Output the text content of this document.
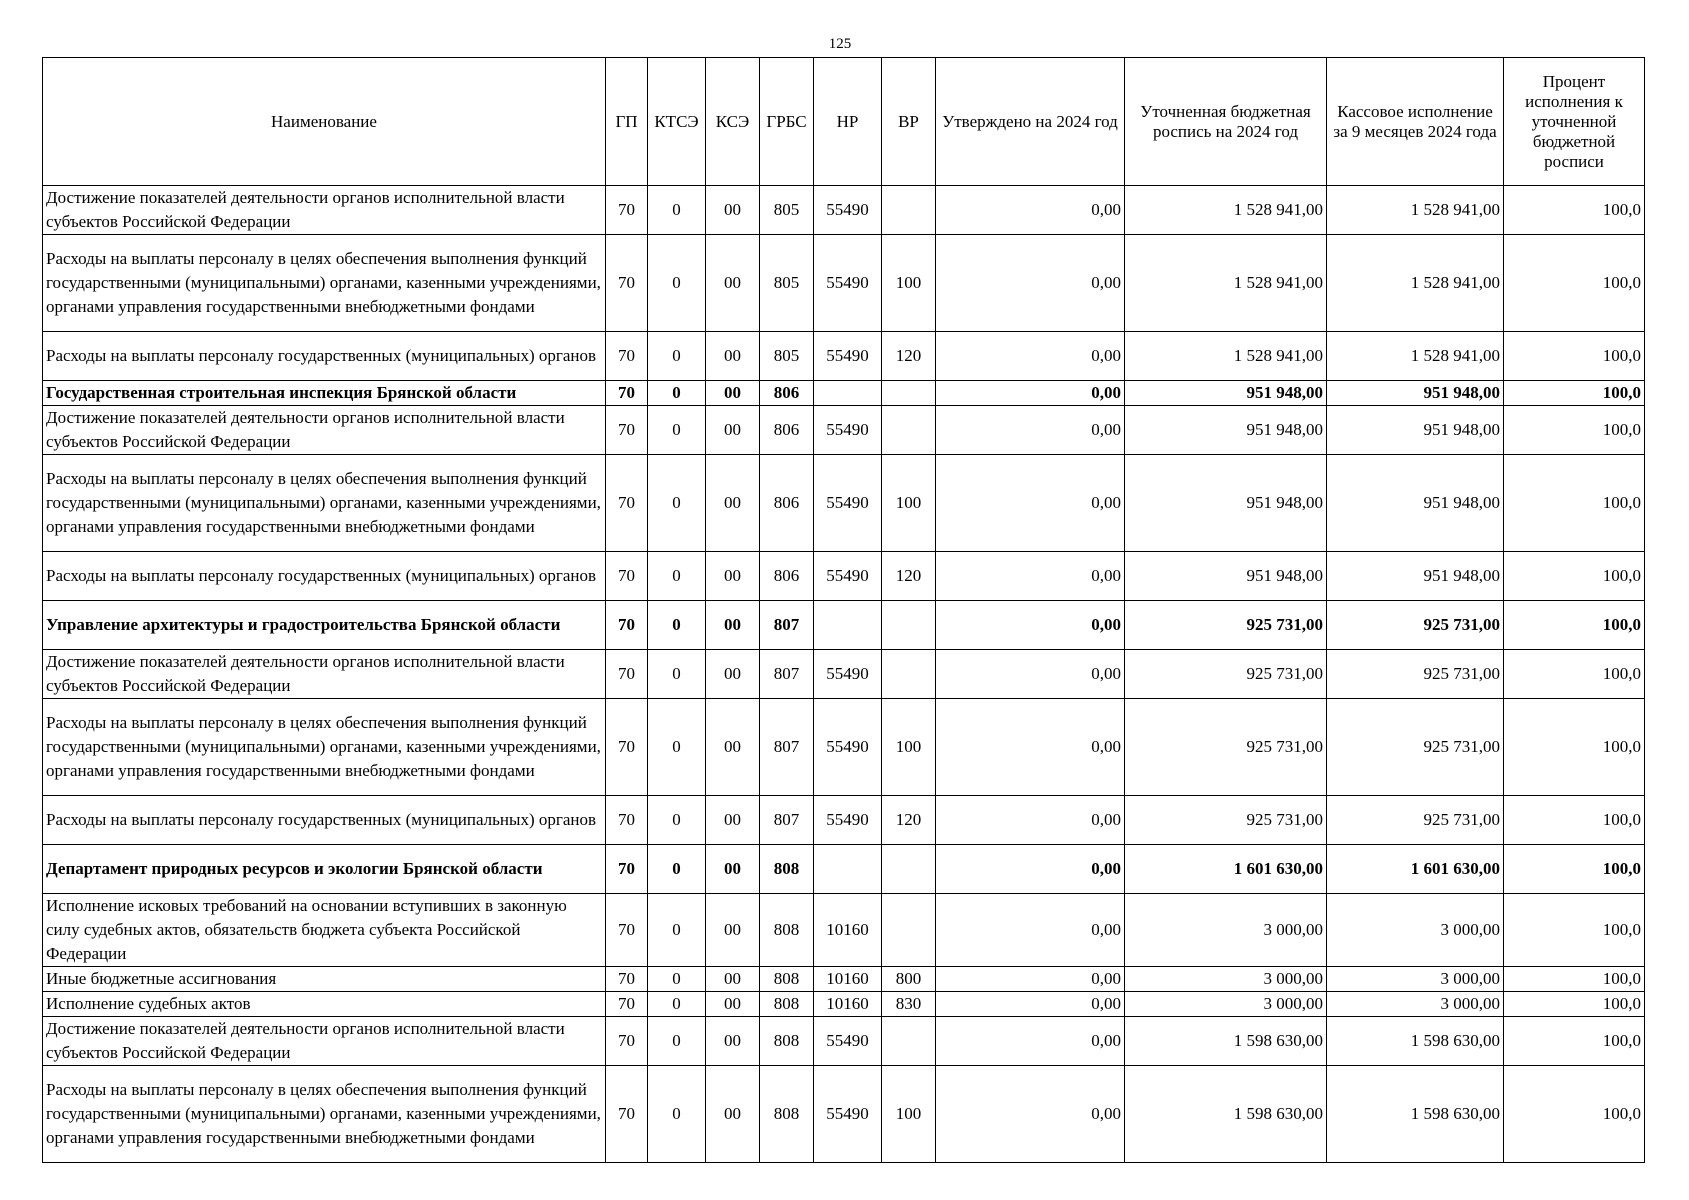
125
Наименование	ГП	КТСЭ	КСЭ	ГРБС	НР	ВР	Утверждено на 2024 год	Уточненная бюджетная роспись на 2024 год	Кассовое исполнение за 9 месяцев 2024 года	Процент исполнения к уточненной бюджетной росписи
Достижение показателей деятельности органов исполнительной власти субъектов Российской Федерации	70	0	00	805	55490		0,00	1 528 941,00	1 528 941,00	100,0
Расходы на выплаты персоналу в целях обеспечения выполнения функций государственными (муниципальными) органами, казенными учреждениями, органами управления государственными внебюджетными фондами	70	0	00	805	55490	100	0,00	1 528 941,00	1 528 941,00	100,0
Расходы на выплаты персоналу государственных (муниципальных) органов	70	0	00	805	55490	120	0,00	1 528 941,00	1 528 941,00	100,0
Государственная строительная инспекция Брянской области	70	0	00	806			0,00	951 948,00	951 948,00	100,0
Достижение показателей деятельности органов исполнительной власти субъектов Российской Федерации	70	0	00	806	55490		0,00	951 948,00	951 948,00	100,0
Расходы на выплаты персоналу в целях обеспечения выполнения функций государственными (муниципальными) органами, казенными учреждениями, органами управления государственными внебюджетными фондами	70	0	00	806	55490	100	0,00	951 948,00	951 948,00	100,0
Расходы на выплаты персоналу государственных (муниципальных) органов	70	0	00	806	55490	120	0,00	951 948,00	951 948,00	100,0
Управление архитектуры и градостроительства Брянской области	70	0	00	807			0,00	925 731,00	925 731,00	100,0
Достижение показателей деятельности органов исполнительной власти субъектов Российской Федерации	70	0	00	807	55490		0,00	925 731,00	925 731,00	100,0
Расходы на выплаты персоналу в целях обеспечения выполнения функций государственными (муниципальными) органами, казенными учреждениями, органами управления государственными внебюджетными фондами	70	0	00	807	55490	100	0,00	925 731,00	925 731,00	100,0
Расходы на выплаты персоналу государственных (муниципальных) органов	70	0	00	807	55490	120	0,00	925 731,00	925 731,00	100,0
Департамент природных ресурсов и экологии Брянской области	70	0	00	808			0,00	1 601 630,00	1 601 630,00	100,0
Исполнение исковых требований на основании вступивших в законную силу судебных актов, обязательств бюджета субъекта Российской Федерации	70	0	00	808	10160		0,00	3 000,00	3 000,00	100,0
Иные бюджетные ассигнования	70	0	00	808	10160	800	0,00	3 000,00	3 000,00	100,0
Исполнение судебных актов	70	0	00	808	10160	830	0,00	3 000,00	3 000,00	100,0
Достижение показателей деятельности органов исполнительной власти субъектов Российской Федерации	70	0	00	808	55490		0,00	1 598 630,00	1 598 630,00	100,0
Расходы на выплаты персоналу в целях обеспечения выполнения функций государственными (муниципальными) органами, казенными учреждениями, органами управления государственными внебюджетными фондами	70	0	00	808	55490	100	0,00	1 598 630,00	1 598 630,00	100,0
